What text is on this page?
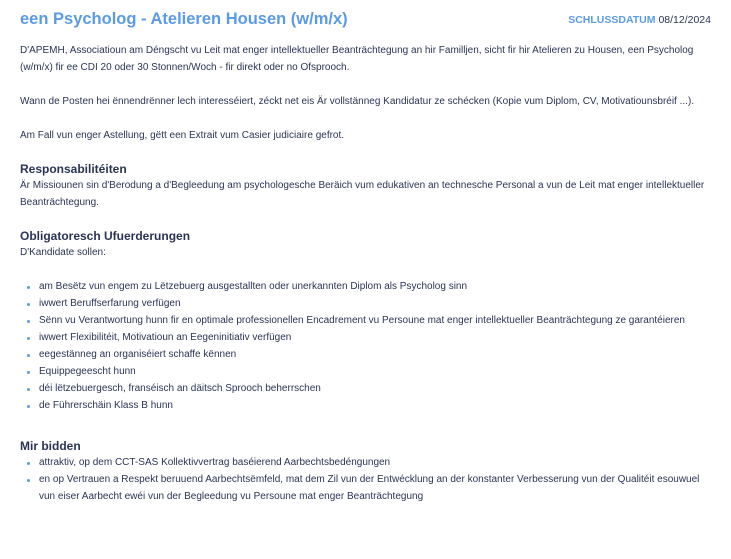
een Psycholog - Atelieren Housen (w/m/x)	SCHLUSSDATUM 08/12/2024

D'APEMH, Associatioun am Déngscht vu Leit mat enger intellektueller Beanträchtegung an hir Familljen, sicht fir hir Atelieren zu Housen, een Psycholog (w/m/x) fir ee CDI 20 oder 30 Stonnen/Woch - fir direkt oder no Ofsprooch.

Wann de Posten hei ënnendrënner lech interesséiert, zéckt net eis Är vollstänneg Kandidatur ze schécken (Kopie vum Diplom, CV, Motivatiounsbréif ...).

Am Fall vun enger Astellung, gëtt een Extrait vum Casier judiciaire gefrot.

Responsabilitéiten

Är Missiounen sin d'Berodung a d'Begleedung am psychologesche Beräich vum edukativen an technesche Personal a vun de Leit mat enger intellektueller Beanträchtegung.

Obligatoresch Ufuerderungen

D'Kandidate sollen:

am Besëtz vun engem zu Lëtzebuerg ausgestallten oder unerkannten Diplom als Psycholog sinn
iwwert Beruffserfarung verfügen
Sënn vu Verantwortung hunn fir en optimale professionellen Encadrement vu Persoune mat enger intellektueller Beanträchtegung ze garantéieren
iwwert Flexibilitéit, Motivatioun an Eegeninitiativ verfügen
eegestänneg an organiséiert schaffe kënnen
Equippegeescht hunn
déi lëtzebuergesch, franséisch an däitsch Sprooch beherrschen
de Führerschäin Klass B hunn
Mir bidden
attraktiv, op dem CCT-SAS Kollektivvertrag baséierend Aarbechtsbedéngungen
en op Vertrauen a Respekt beruuend Aarbechtsëmfeld, mat dem Zil vun der Entwécklung an der konstanter Verbesserung vun der Qualitéit esouwuel vun eiser Aarbecht ewéi vun der Begleedung vu Persoune mat enger Beanträchtegung
